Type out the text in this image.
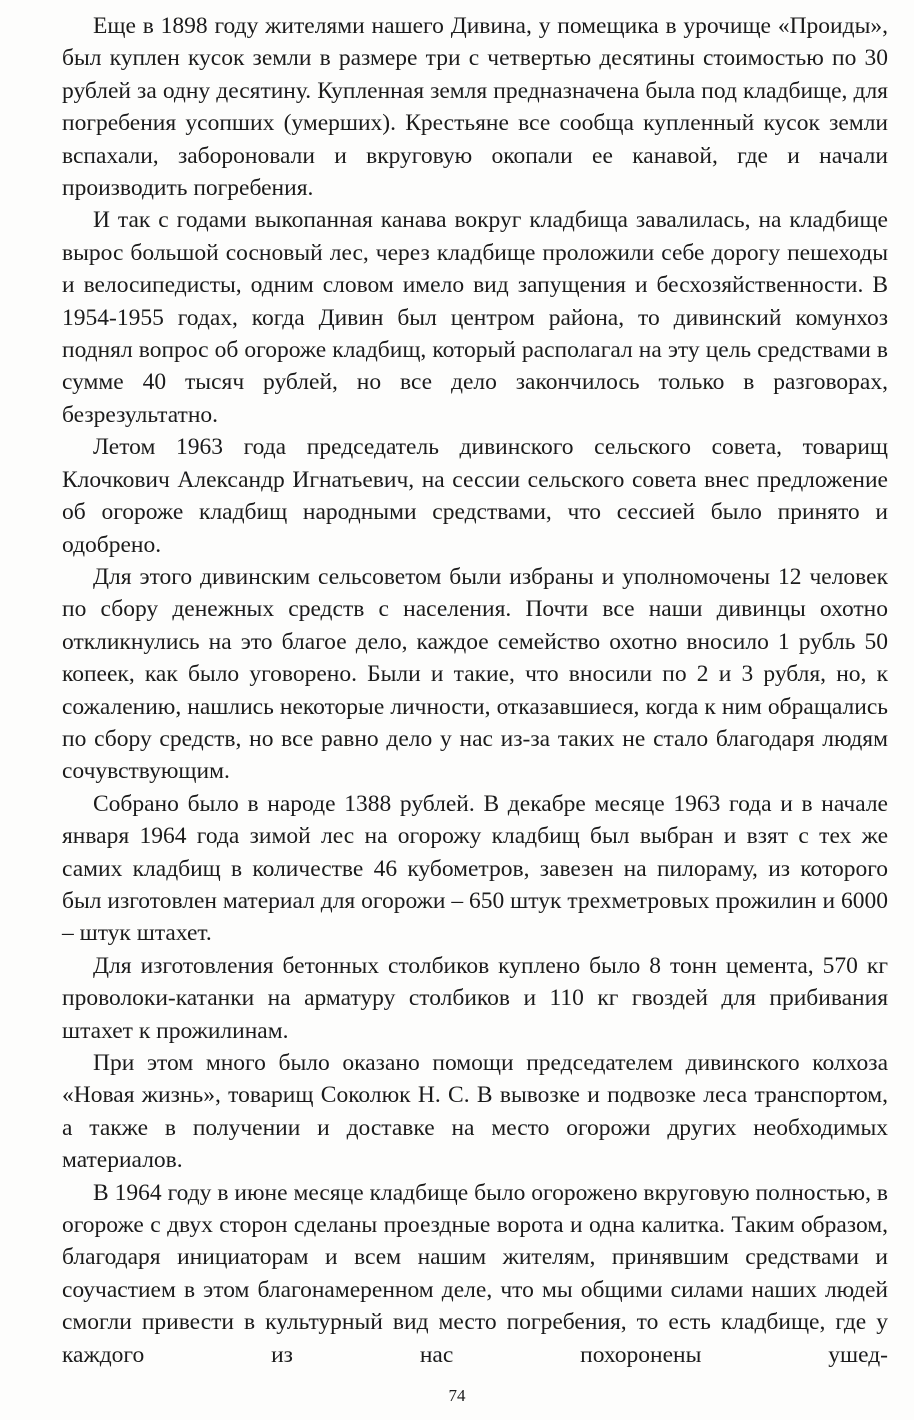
Еще в 1898 году жителями нашего Дивина, у помещика в урочище «Проиды», был куплен кусок земли в размере три с четвертью десятины стоимостью по 30 рублей за одну десятину. Купленная земля предназначена была под кладбище, для погребения усопших (умерших). Крестьяне все сообща купленный кусок земли вспахали, забороновали и вкруговую окопали ее канавой, где и начали производить погребения.

И так с годами выкопанная канава вокруг кладбища завалилась, на кладбище вырос большой сосновый лес, через кладбище проложили себе дорогу пешеходы и велосипедисты, одним словом имело вид запущения и бесхозяйственности. В 1954-1955 годах, когда Дивин был центром района, то дивинский комунхоз поднял вопрос об огороже кладбищ, который располагал на эту цель средствами в сумме 40 тысяч рублей, но все дело закончилось только в разговорах, безрезультатно.

Летом 1963 года председатель дивинского сельского совета, товарищ Клочкович Александр Игнатьевич, на сессии сельского совета внес предложение об огороже кладбищ народными средствами, что сессией было принято и одобрено.

Для этого дивинским сельсоветом были избраны и уполномочены 12 человек по сбору денежных средств с населения. Почти все наши дивинцы охотно откликнулись на это благое дело, каждое семейство охотно вносило 1 рубль 50 копеек, как было уговорено. Были и такие, что вносили по 2 и 3 рубля, но, к сожалению, нашлись некоторые личности, отказавшиеся, когда к ним обращались по сбору средств, но все равно дело у нас из-за таких не стало благодаря людям сочувствующим.

Собрано было в народе 1388 рублей. В декабре месяце 1963 года и в начале января 1964 года зимой лес на огорожу кладбищ был выбран и взят с тех же самих кладбищ в количестве 46 кубометров, завезен на пилораму, из которого был изготовлен материал для огорожи – 650 штук трехметровых прожилин и 6000 – штук штахет.

Для изготовления бетонных столбиков куплено было 8 тонн цемента, 570 кг проволоки-катанки на арматуру столбиков и 110 кг гвоздей для прибивания штахет к прожилинам.

При этом много было оказано помощи председателем дивинского колхоза «Новая жизнь», товарищ Соколюк Н. С. В вывозке и подвозке леса транспортом, а также в получении и доставке на место огорожи других необходимых материалов.

В 1964 году в июне месяце кладбище было огорожено вкруговую полностью, в огороже с двух сторон сделаны проездные ворота и одна калитка. Таким образом, благодаря инициаторам и всем нашим жителям, принявшим средствами и соучастием в этом благонамеренном деле, что мы общими силами наших людей смогли привести в культурный вид место погребения, то есть кладбище, где у каждого из нас похоронены ушед-

74
